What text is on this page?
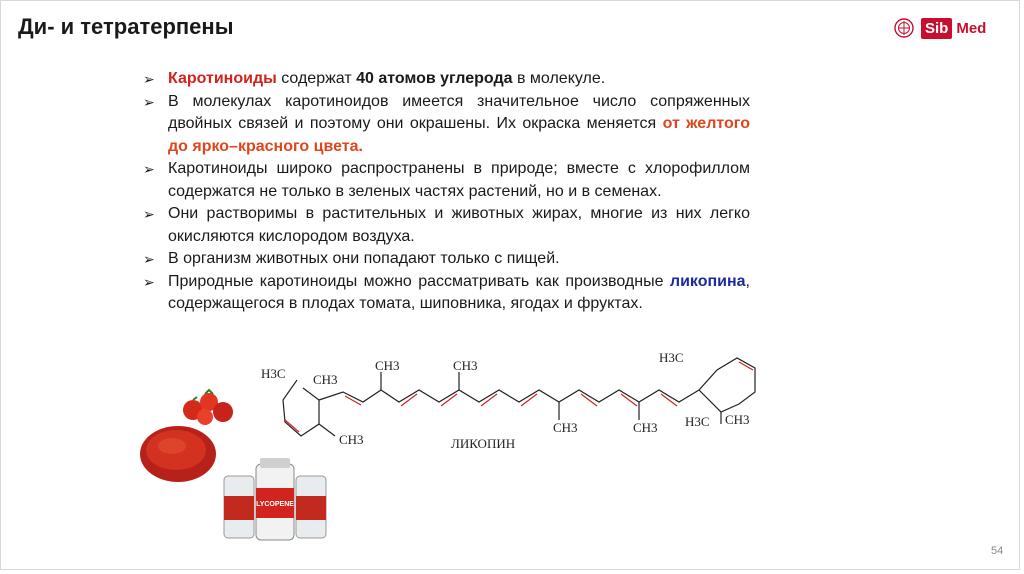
Ди- и тетратерпены	Sib Med
➢ Каротиноиды содержат 40 атомов углерода в молекуле.
➢ В молекулах каротиноидов имеется значительное число сопряженных двойных связей и поэтому они окрашены. Их окраска меняется от желтого до ярко–красного цвета.
➢ Каротиноиды широко распространены в природе; вместе с хлорофиллом содержатся не только в зеленых частях растений, но и в семенах.
➢ Они растворимы в растительных и животных жирах, многие из них легко окисляются кислородом воздуха.
➢ В организм животных они попадают только с пищей.
➢ Природные каротиноиды можно рассматривать как производные ликопина, содержащегося в плодах томата, шиповника, ягодах и фруктах.
H3C CH3
CH3
CH3	CH3
CH3	CH3
H3C
H3C CH3
ЛИКОПИН
LYCOPENE
54
